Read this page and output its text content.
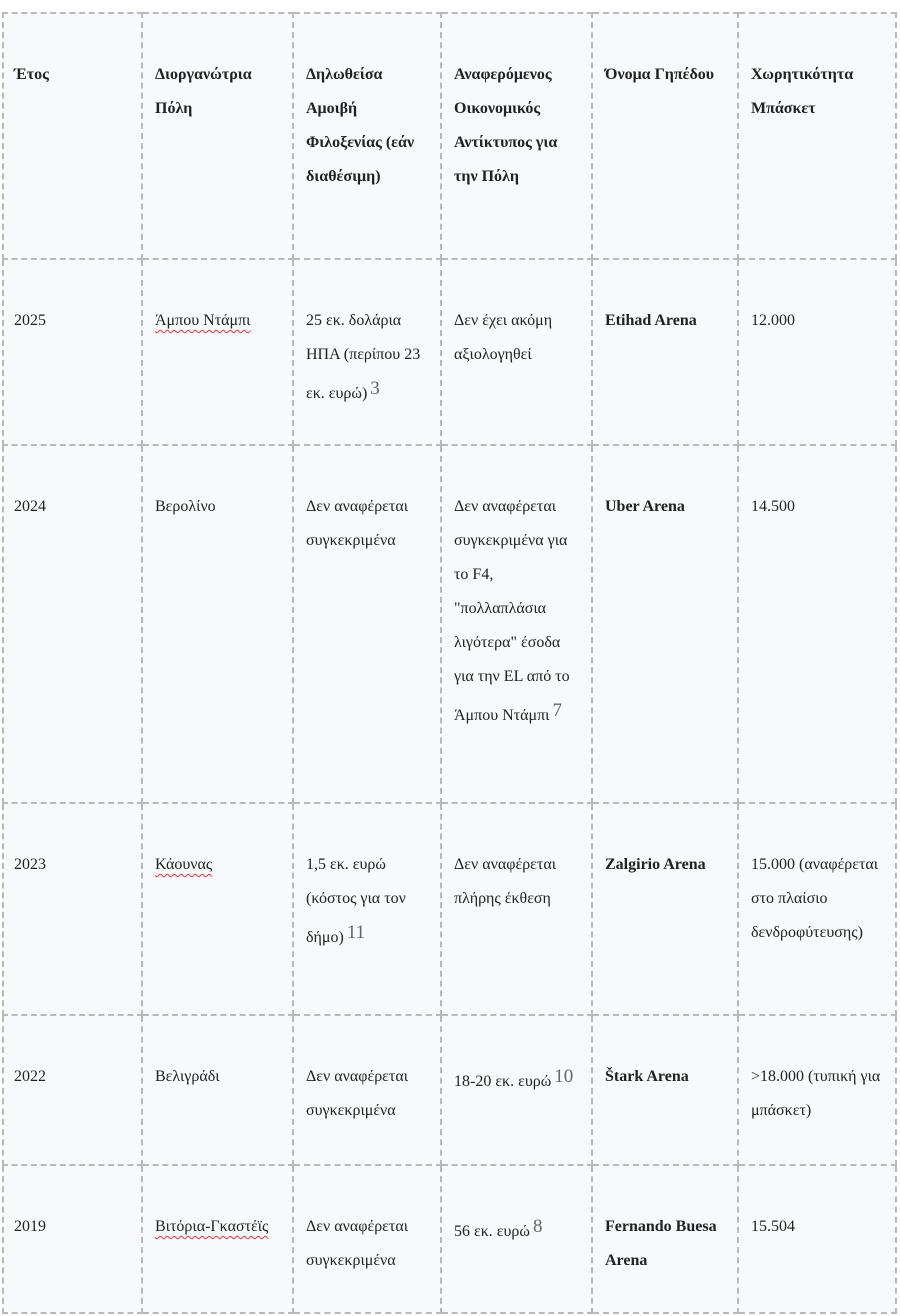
Έτος	Διοργανώτρια Πόλη	Δηλωθείσα Αμοιβή Φιλοξενίας (εάν διαθέσιμη)	Αναφερόμενος Οικονομικός Αντίκτυπος για την Πόλη	Όνομα Γηπέδου	Χωρητικότητα Μπάσκετ

2025	Άμπου Ντάμπι	25 εκ. δολάρια ΗΠΑ (περίπου 23 εκ. ευρώ) $^3$	Δεν έχει ακόμη αξιολογηθεί	Etihad Arena	12.000

2024	Βερολίνο	Δεν αναφέρεται συγκεκριμένα	Δεν αναφέρεται συγκεκριμένα για το F4, "πολλαπλάσια λιγότερα" έσοδα για την EL από το Άμπου Ντάμπι $^7$	Uber Arena	14.500

2023	Κάουνας	1,5 εκ. ευρώ (κόστος για τον δήμο) $^{11}$	Δεν αναφέρεται πλήρης έκθεση	Zalgirio Arena	15.000 (αναφέρεται στο πλαίσιο δενδροφύτευσης)

2022	Βελιγράδι	Δεν αναφέρεται συγκεκριμένα	18-20 εκ. ευρώ $^{10}$	Štark Arena	>18.000 (τυπική για μπάσκετ)

2019	Βιτόρια-Γκαστέϊς	Δεν αναφέρεται συγκεκριμένα	56 εκ. ευρώ $^8$	Fernando Buesa Arena	15.504
